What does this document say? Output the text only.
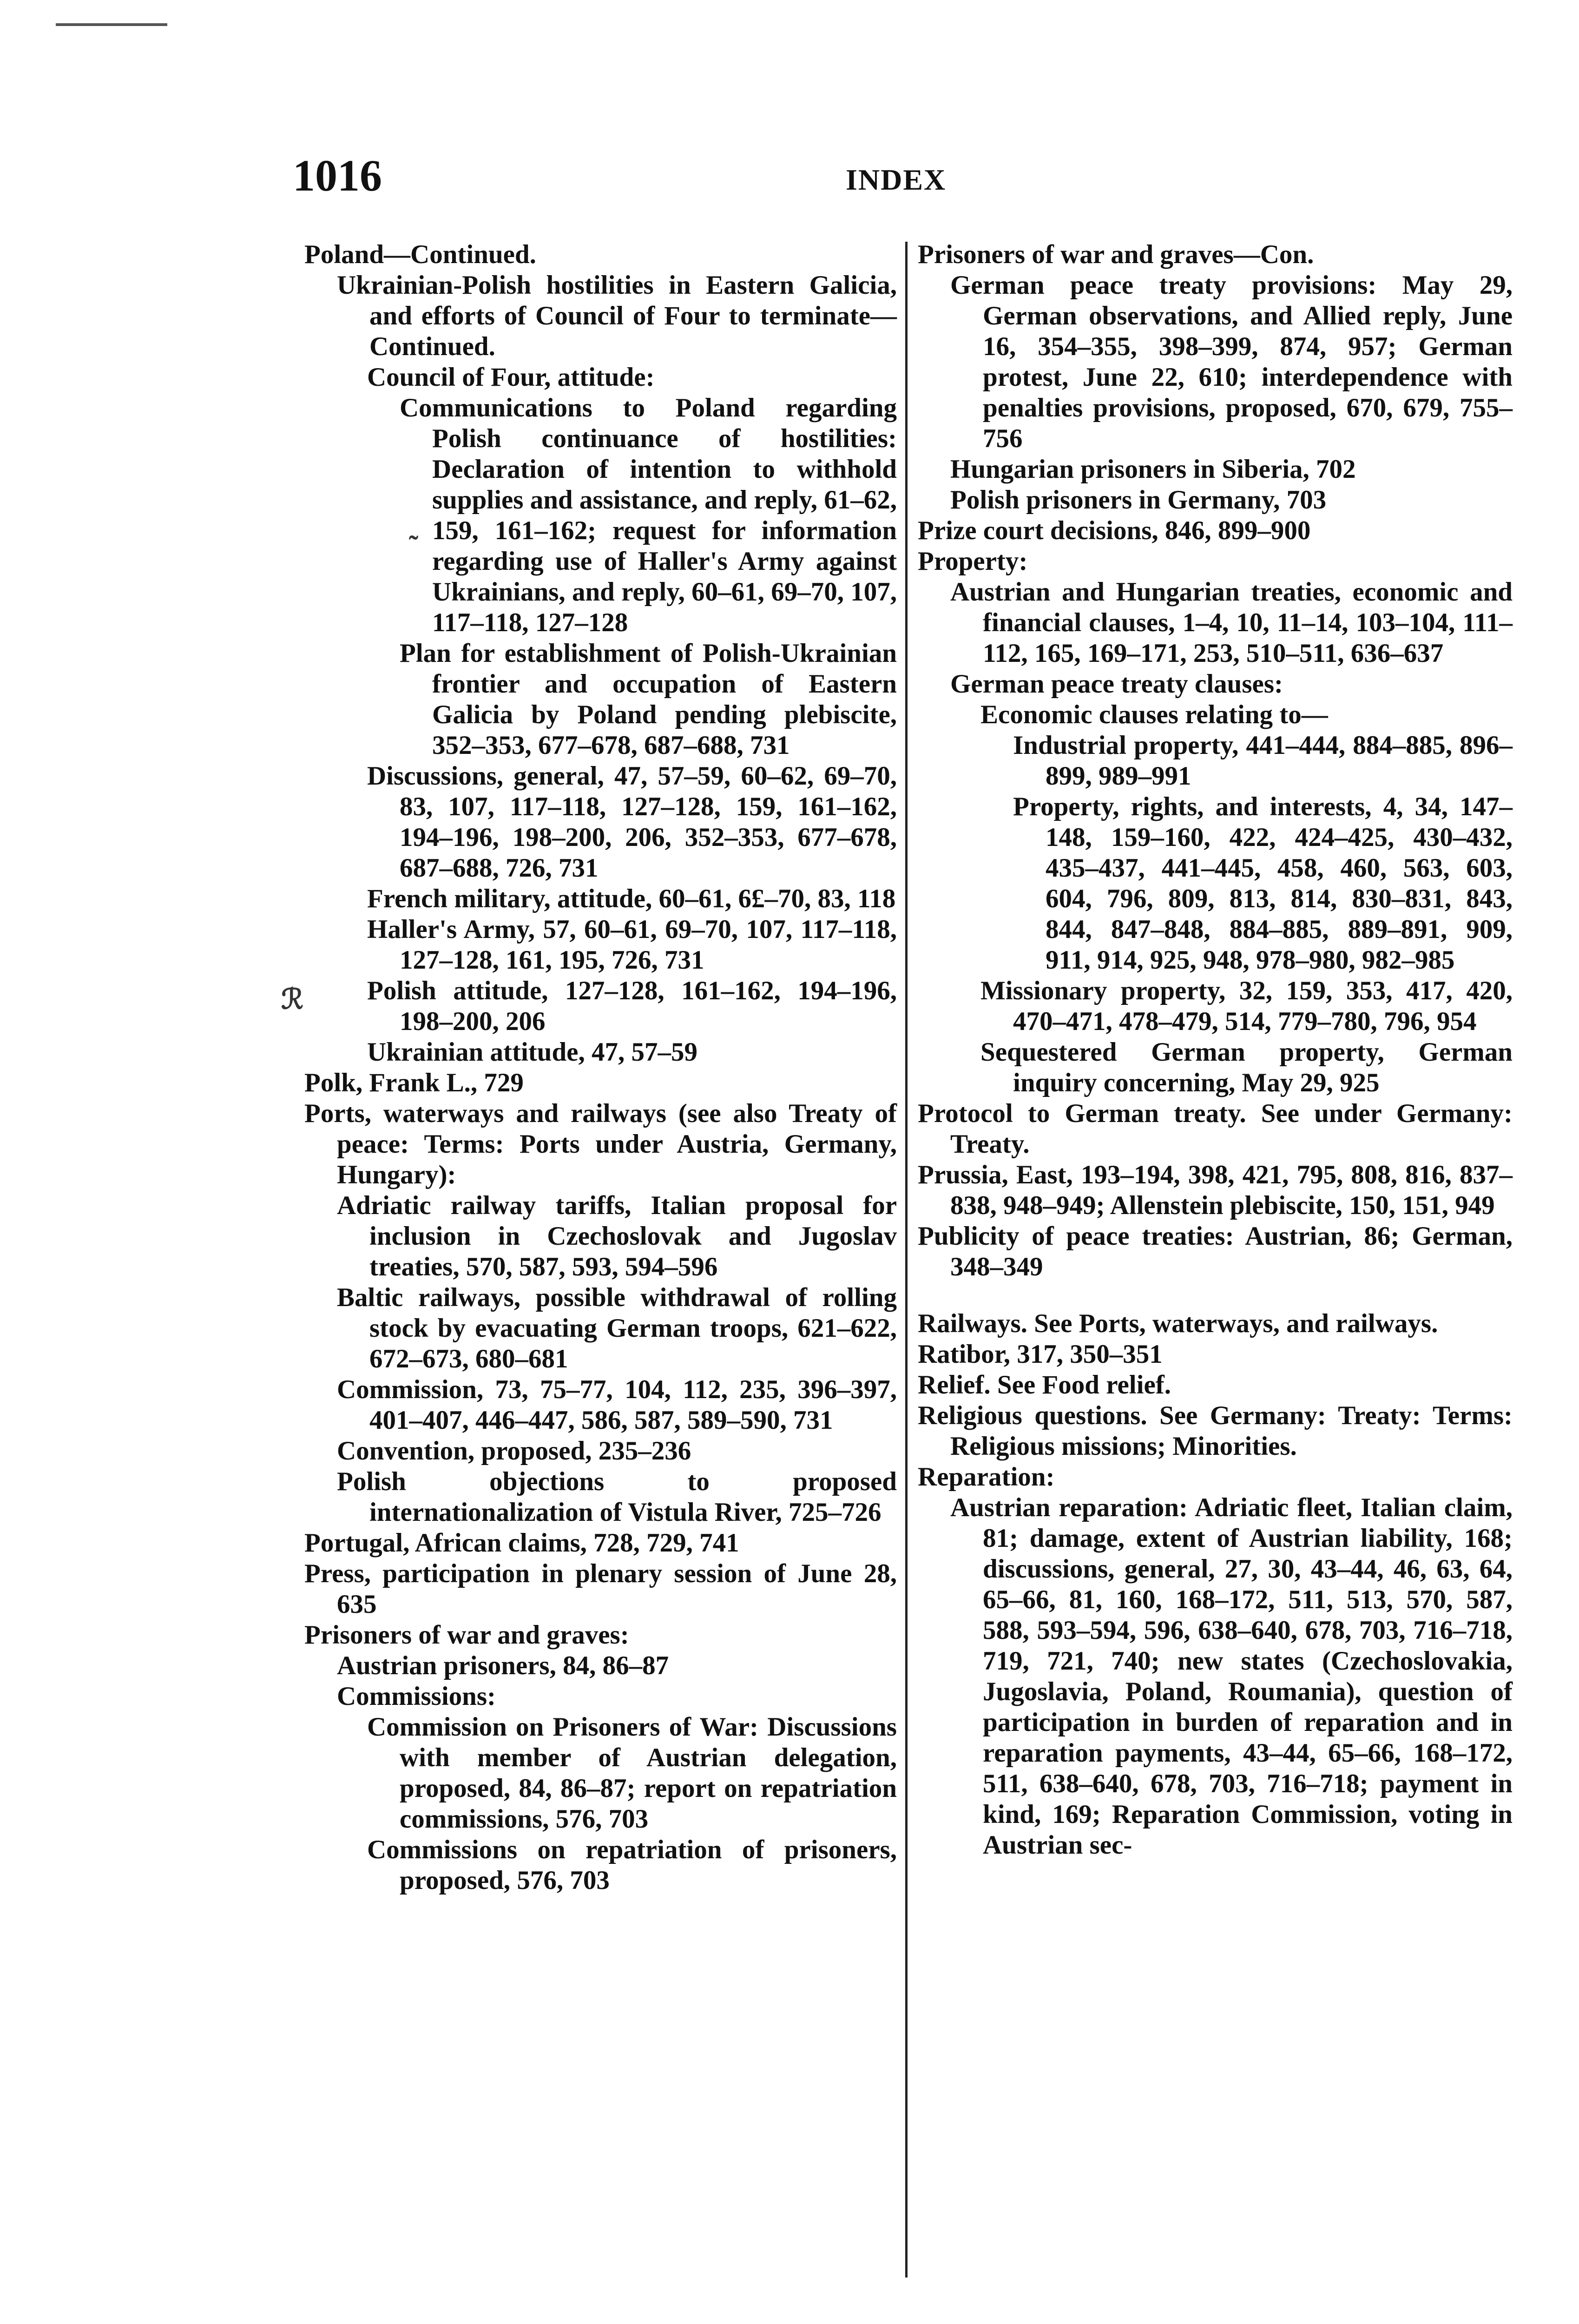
1016	INDEX
Poland—Continued.
Ukrainian-Polish hostilities in Eastern Galicia, and efforts of Council of Four to terminate—Continued.
Council of Four, attitude:
Communications to Poland regarding Polish continuance of hostilities: Declaration of intention to withhold supplies and assistance, and reply, 61–62, 159, 161–162; request for information regarding use of Haller's Army against Ukrainians, and reply, 60–61, 69–70, 107, 117–118, 127–128
Plan for establishment of Polish-Ukrainian frontier and occupation of Eastern Galicia by Poland pending plebiscite, 352–353, 677–678, 687–688, 731
Discussions, general, 47, 57–59, 60–62, 69–70, 83, 107, 117–118, 127–128, 159, 161–162, 194–196, 198–200, 206, 352–353, 677–678, 687–688, 726, 731
French military, attitude, 60–61, 6£–70, 83, 118
Haller's Army, 57, 60–61, 69–70, 107, 117–118, 127–128, 161, 195, 726, 731
Polish attitude, 127–128, 161–162, 194–196, 198–200, 206
Ukrainian attitude, 47, 57–59
Polk, Frank L., 729
Ports, waterways and railways (see also Treaty of peace: Terms: Ports under Austria, Germany, Hungary):
Adriatic railway tariffs, Italian proposal for inclusion in Czechoslovak and Jugoslav treaties, 570, 587, 593, 594–596
Baltic railways, possible withdrawal of rolling stock by evacuating German troops, 621–622, 672–673, 680–681
Commission, 73, 75–77, 104, 112, 235, 396–397, 401–407, 446–447, 586, 587, 589–590, 731
Convention, proposed, 235–236
Polish objections to proposed internationalization of Vistula River, 725–726
Portugal, African claims, 728, 729, 741
Press, participation in plenary session of June 28, 635
Prisoners of war and graves:
Austrian prisoners, 84, 86–87
Commissions:
Commission on Prisoners of War: Discussions with member of Austrian delegation, proposed, 84, 86–87; report on repatriation commissions, 576, 703
Commissions on repatriation of prisoners, proposed, 576, 703
Prisoners of war and graves—Con.
German peace treaty provisions: May 29, German observations, and Allied reply, June 16, 354–355, 398–399, 874, 957; German protest, June 22, 610; interdependence with penalties provisions, proposed, 670, 679, 755–756
Hungarian prisoners in Siberia, 702
Polish prisoners in Germany, 703
Prize court decisions, 846, 899–900
Property:
Austrian and Hungarian treaties, economic and financial clauses, 1–4, 10, 11–14, 103–104, 111–112, 165, 169–171, 253, 510–511, 636–637
German peace treaty clauses:
Economic clauses relating to—
Industrial property, 441–444, 884–885, 896–899, 989–991
Property, rights, and interests, 4, 34, 147–148, 159–160, 422, 424–425, 430–432, 435–437, 441–445, 458, 460, 563, 603, 604, 796, 809, 813, 814, 830–831, 843, 844, 847–848, 884–885, 889–891, 909, 911, 914, 925, 948, 978–980, 982–985
Missionary property, 32, 159, 353, 417, 420, 470–471, 478–479, 514, 779–780, 796, 954
Sequestered German property, German inquiry concerning, May 29, 925
Protocol to German treaty. See under Germany: Treaty.
Prussia, East, 193–194, 398, 421, 795, 808, 816, 837–838, 948–949; Allenstein plebiscite, 150, 151, 949
Publicity of peace treaties: Austrian, 86; German, 348–349
Railways. See Ports, waterways, and railways.
Ratibor, 317, 350–351
Relief. See Food relief.
Religious questions. See Germany: Treaty: Terms: Religious missions; Minorities.
Reparation:
Austrian reparation: Adriatic fleet, Italian claim, 81; damage, extent of Austrian liability, 168; discussions, general, 27, 30, 43–44, 46, 63, 64, 65–66, 81, 160, 168–172, 511, 513, 570, 587, 588, 593–594, 596, 638–640, 678, 703, 716–718, 719, 721, 740; new states (Czechoslovakia, Jugoslavia, Poland, Roumania), question of participation in burden of reparation and in reparation payments, 43–44, 65–66, 168–172, 511, 638–640, 678, 703, 716–718; payment in kind, 169; Reparation Commission, voting in Austrian sec-
˜
ℛ
